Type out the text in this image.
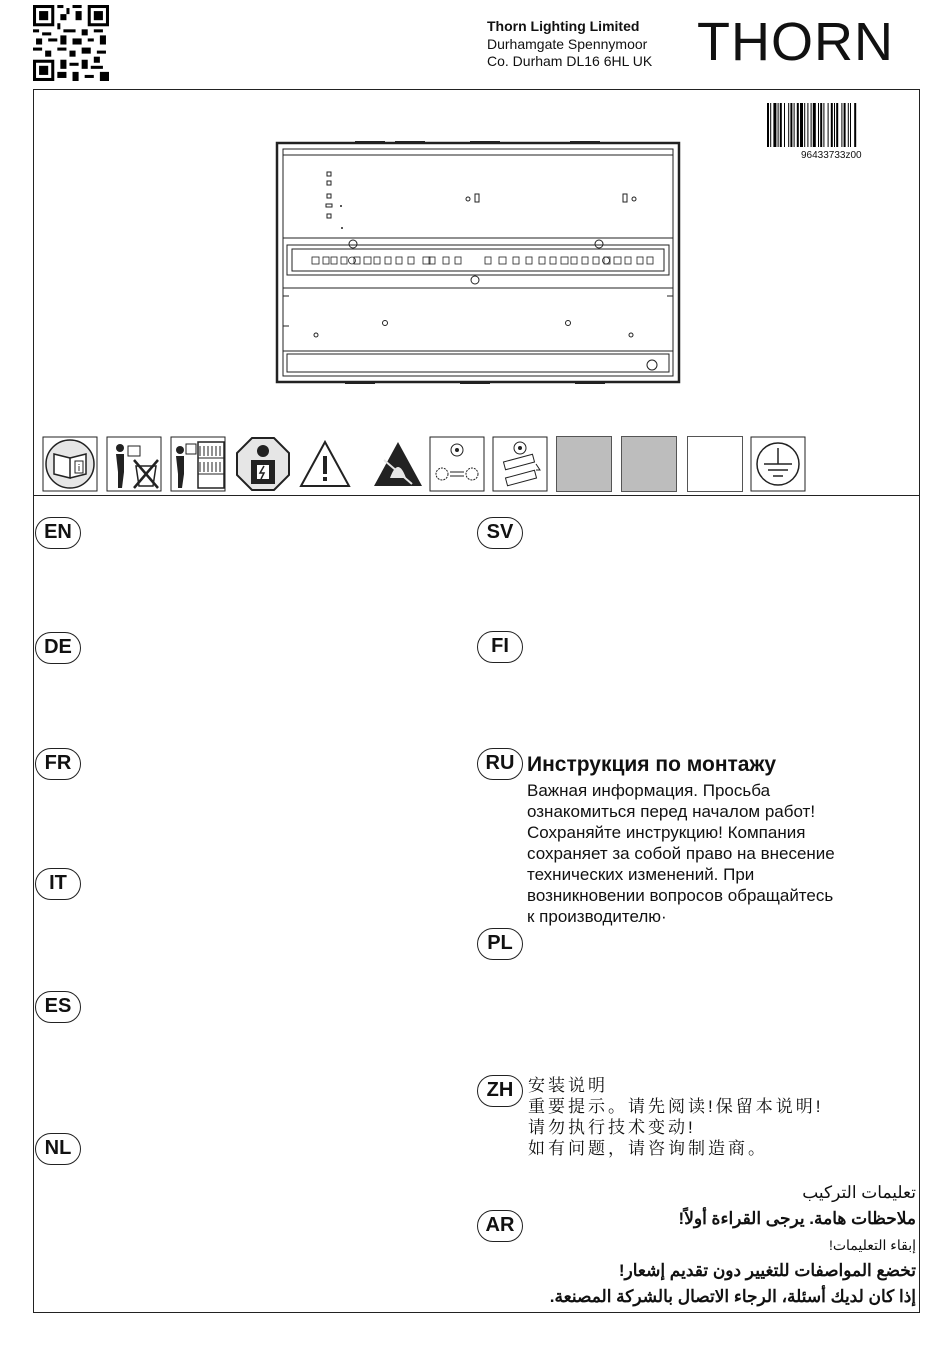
Thorn Lighting Limited
Durhamgate Spennymoor
Co. Durham DL16 6HL UK THORN
96433733z00
i
EN
DE
FR
IT
ES
NL
SV
FI
RU
PL
ZH
AR
Инструкция по монтажу
Важная информация. Просьба
ознакомиться перед началом работ!
Сохраняйте инструкцию! Компания
сохраняет за собой право на внесение
технических изменений. При
возникновении вопросов обращайтесь
к производителю·
安装说明
重要提示。请先阅读!保留本说明!
请勿执行技术变动!
如有问题，请咨询制造商。
تعليمات التركيب
ملاحظات هامة. يرجى القراءة أولاً!
إبقاء التعليمات!
تخضع المواصفات للتغيير دون تقديم إشعار!
إذا كان لديك أسئلة، الرجاء الاتصال بالشركة المصنعة.
